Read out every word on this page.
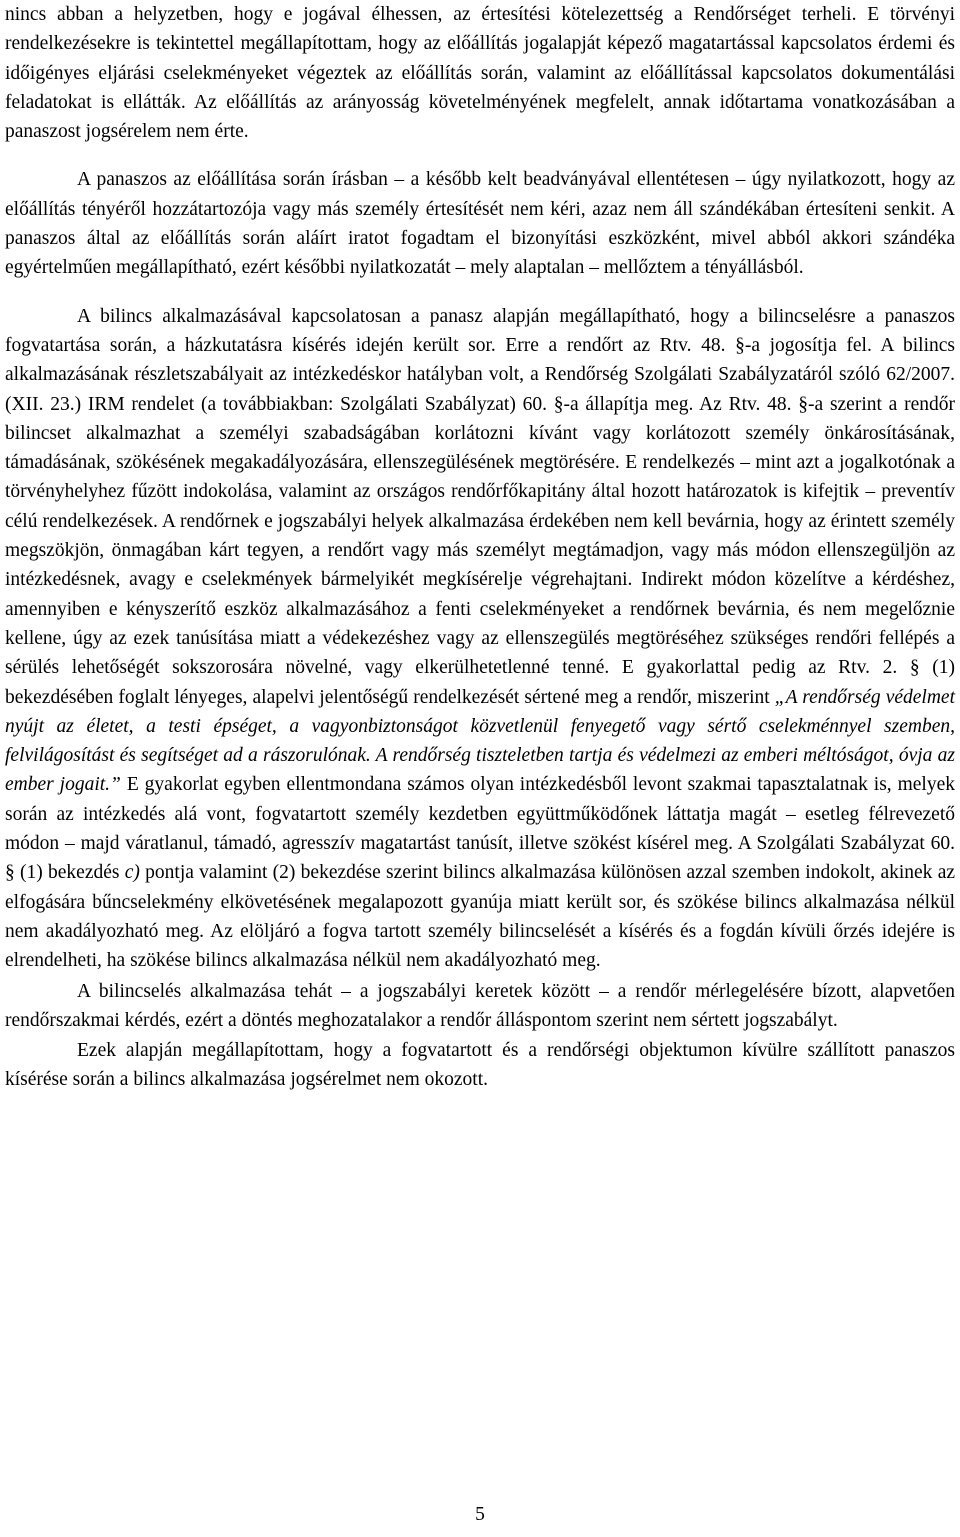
nincs abban a helyzetben, hogy e jogával élhessen, az értesítési kötelezettség a Rendőrséget terheli. E törvényi rendelkezésekre is tekintettel megállapítottam, hogy az előállítás jogalapját képező magatartással kapcsolatos érdemi és időigényes eljárási cselekményeket végeztek az előállítás során, valamint az előállítással kapcsolatos dokumentálási feladatokat is ellátták. Az előállítás az arányosság követelményének megfelelt, annak időtartama vonatkozásában a panaszost jogsérelem nem érte.

A panaszos az előállítása során írásban – a később kelt beadványával ellentétesen – úgy nyilatkozott, hogy az előállítás tényéről hozzátartozója vagy más személy értesítését nem kéri, azaz nem áll szándékában értesíteni senkit. A panaszos által az előállítás során aláírt iratot fogadtam el bizonyítási eszközként, mivel abból akkori szándéka egyértelműen megállapítható, ezért későbbi nyilatkozatát – mely alaptalan – mellőztem a tényállásból.

A bilincs alkalmazásával kapcsolatosan a panasz alapján megállapítható, hogy a bilincselésre a panaszos fogvatartása során, a házkutatásra kísérés idején került sor. Erre a rendőrt az Rtv. 48. §-a jogosítja fel. A bilincs alkalmazásának részletszabályait az intézkedéskor hatályban volt, a Rendőrség Szolgálati Szabályzatáról szóló 62/2007. (XII. 23.) IRM rendelet (a továbbiakban: Szolgálati Szabályzat) 60. §-a állapítja meg. Az Rtv. 48. §-a szerint a rendőr bilincset alkalmazhat a személyi szabadságában korlátozni kívánt vagy korlátozott személy önkárosításának, támadásának, szökésének megakadályozására, ellenszegülésének megtörésére. E rendelkezés – mint azt a jogalkotónak a törvényhelyhez fűzött indokolása, valamint az országos rendőrfőkapitány által hozott határozatok is kifejtik – preventív célú rendelkezések. A rendőrnek e jogszabályi helyek alkalmazása érdekében nem kell bevárnia, hogy az érintett személy megszökjön, önmagában kárt tegyen, a rendőrt vagy más személyt megtámadjon, vagy más módon ellenszegüljön az intézkedésnek, avagy e cselekmények bármelyikét megkísérelje végrehajtani. Indirekt módon közelítve a kérdéshez, amennyiben e kényszerítő eszköz alkalmazásához a fenti cselekményeket a rendőrnek bevárnia, és nem megelőznie kellene, úgy az ezek tanúsítása miatt a védekezéshez vagy az ellenszegülés megtöréséhez szükséges rendőri fellépés a sérülés lehetőségét sokszorosára növelné, vagy elkerülhetetlenné tenné. E gyakorlattal pedig az Rtv. 2. § (1) bekezdésében foglalt lényeges, alapelvi jelentőségű rendelkezését sértené meg a rendőr, miszerint „A rendőrség védelmet nyújt az életet, a testi épséget, a vagyonbiztonságot közvetlenül fenyegető vagy sértő cselekménnyel szemben, felvilágosítást és segítséget ad a rászorulónak. A rendőrség tiszteletben tartja és védelmezi az emberi méltóságot, óvja az ember jogait.” E gyakorlat egyben ellentmondana számos olyan intézkedésből levont szakmai tapasztalatnak is, melyek során az intézkedés alá vont, fogvatartott személy kezdetben együttműködőnek láttatja magát – esetleg félrevezető módon – majd váratlanul, támadó, agresszív magatartást tanúsít, illetve szökést kísérel meg. A Szolgálati Szabályzat 60. § (1) bekezdés c) pontja valamint (2) bekezdése szerint bilincs alkalmazása különösen azzal szemben indokolt, akinek az elfogására bűncselekmény elkövetésének megalapozott gyanúja miatt került sor, és szökése bilincs alkalmazása nélkül nem akadályozható meg. Az elöljáró a fogva tartott személy bilincselését a kísérés és a fogdán kívüli őrzés idejére is elrendelheti, ha szökése bilincs alkalmazása nélkül nem akadályozható meg.

A bilincselés alkalmazása tehát – a jogszabályi keretek között – a rendőr mérlegelésére bízott, alapvetően rendőrszakmai kérdés, ezért a döntés meghozatalakor a rendőr álláspontom szerint nem sértett jogszabályt.

Ezek alapján megállapítottam, hogy a fogvatartott és a rendőrségi objektumon kívülre szállított panaszos kísérése során a bilincs alkalmazása jogsérelmet nem okozott.

5
